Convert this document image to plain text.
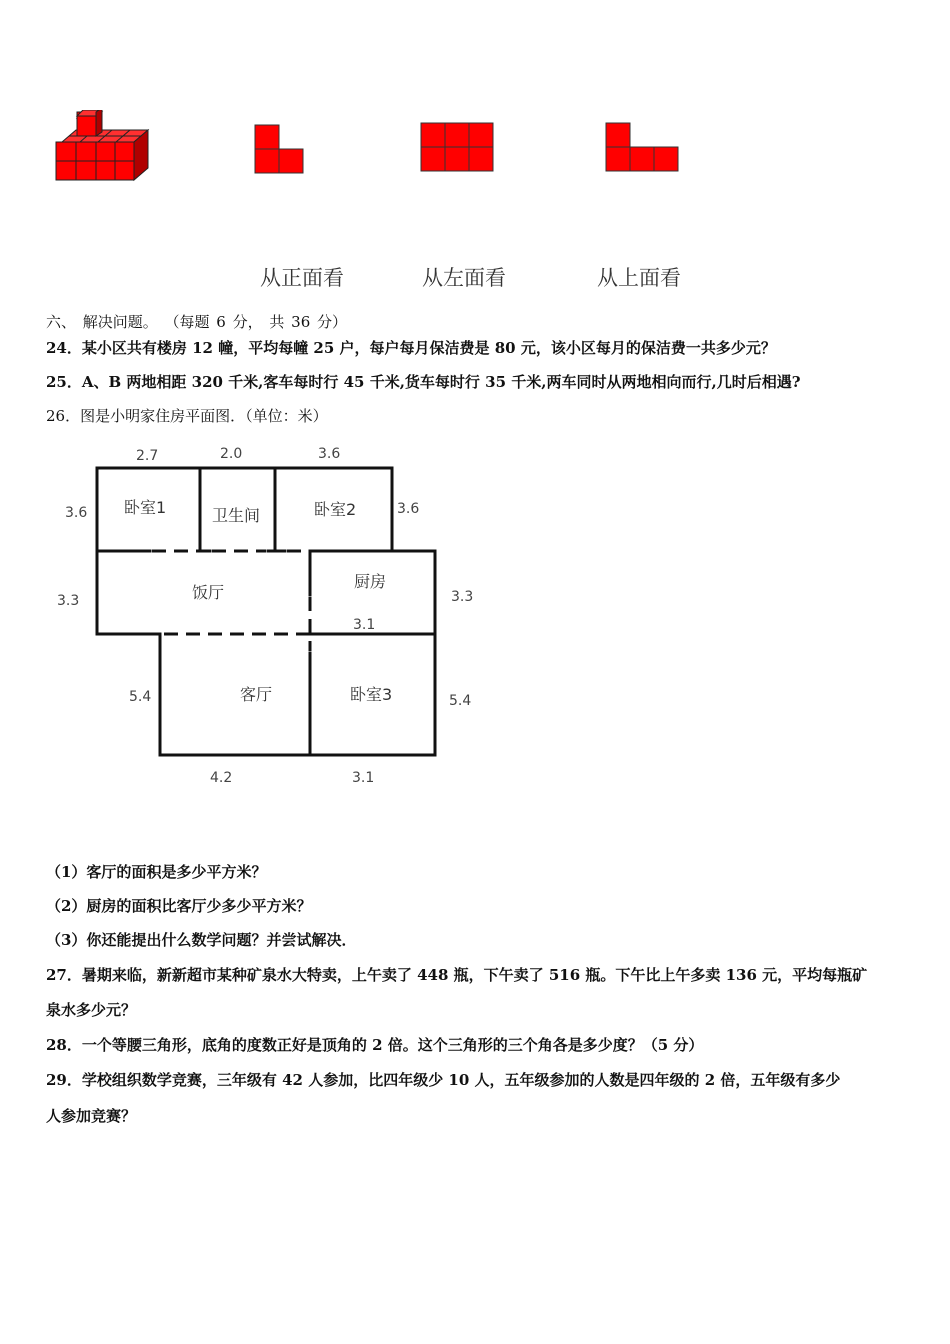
从正面看	从左面看	从上面看
六、 解决问题。 （每题 6 分， 共 36 分）
24．某小区共有楼房 12 幢，平均每幢 25 户，每户每月保洁费是 80 元，该小区每月的保洁费一共多少元？
25．A、B 两地相距 320 千米,客车每时行 45 千米,货车每时行 35 千米,两车同时从两地相向而行,几时后相遇?
26．图是小明家住房平面图．（单位：米）
卧室1	卫生间	卧室2
饭厅
厨房
客厅	卧室3
2.7	2.0	3.6
3.6	3.6
3.3	3.3
3.1
5.4	5.4
4.2	3.1
（1）客厅的面积是多少平方米？
（2）厨房的面积比客厅少多少平方米？
（3）你还能提出什么数学问题？并尝试解决．
27．暑期来临，新新超市某种矿泉水大特卖，上午卖了 448 瓶，下午卖了 516 瓶。下午比上午多卖 136 元，平均每瓶矿
泉水多少元？
28．一个等腰三角形，底角的度数正好是顶角的 2 倍。这个三角形的三个角各是多少度？（5 分）
29．学校组织数学竞赛，三年级有 42 人参加，比四年级少 10 人，五年级参加的人数是四年级的 2 倍，五年级有多少
人参加竞赛？
